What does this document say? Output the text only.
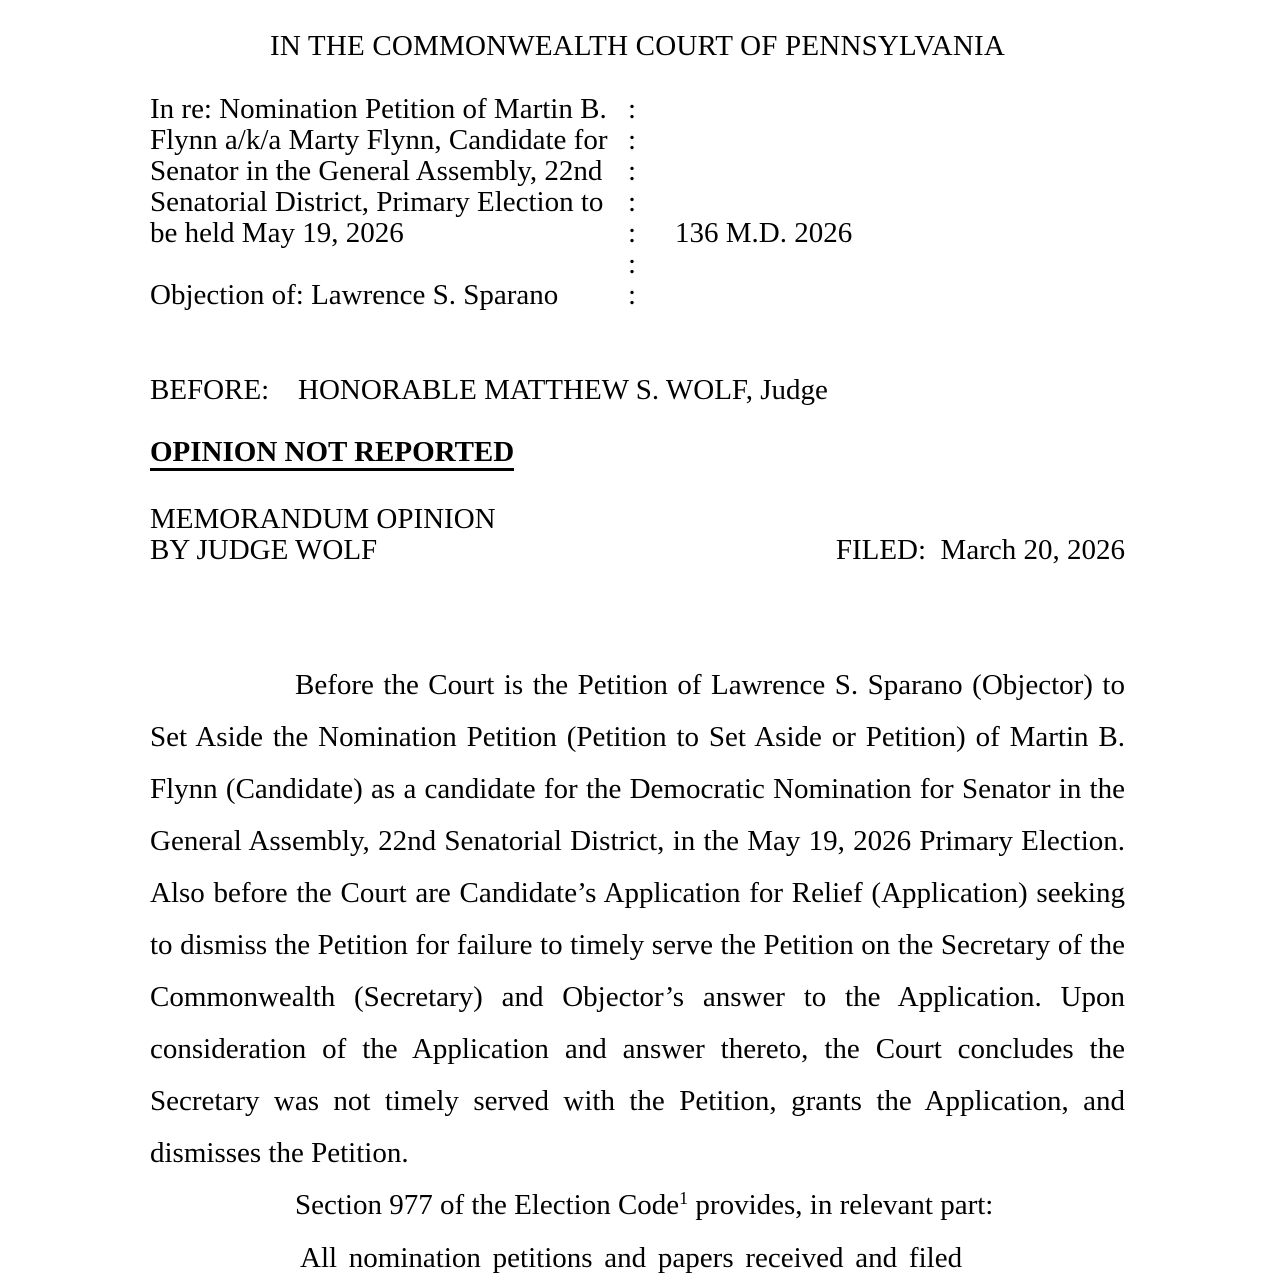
IN THE COMMONWEALTH COURT OF PENNSYLVANIA
In re: Nomination Petition of Martin B. :
Flynn a/k/a Marty Flynn, Candidate for :
Senator in the General Assembly, 22nd :
Senatorial District, Primary Election to :
be held May 19, 2026	: 136 M.D. 2026
:
Objection of: Lawrence S. Sparano	:
BEFORE: HONORABLE MATTHEW S. WOLF, Judge
OPINION NOT REPORTED
MEMORANDUM OPINION
BY JUDGE WOLF	FILED:  March 20, 2026

Before the Court is the Petition of Lawrence S. Sparano (Objector) to Set Aside the Nomination Petition (Petition to Set Aside or Petition) of Martin B. Flynn (Candidate) as a candidate for the Democratic Nomination for Senator in the General Assembly, 22nd Senatorial District, in the May 19, 2026 Primary Election. Also before the Court are Candidate’s Application for Relief (Application) seeking to dismiss the Petition for failure to timely serve the Petition on the Secretary of the Commonwealth (Secretary) and Objector’s answer to the Application. Upon consideration of the Application and answer thereto, the Court concludes the Secretary was not timely served with the Petition, grants the Application, and dismisses the Petition.

Section 977 of the Election Code$^1$ provides, in relevant part:

All nomination petitions and papers received and filed
